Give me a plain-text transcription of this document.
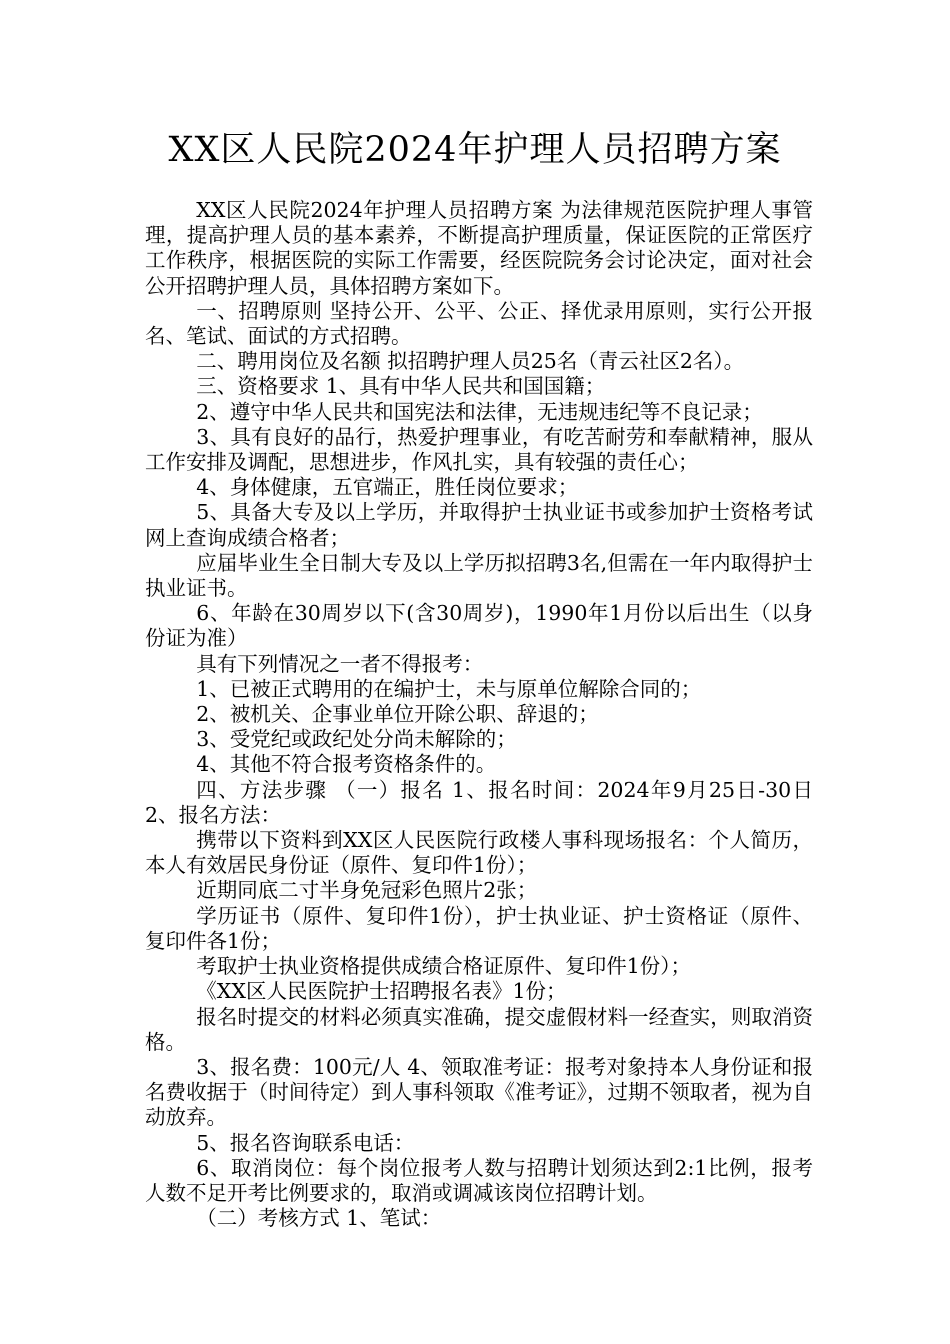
XX区人民院2024年护理人员招聘方案

XX区人民院2024年护理人员招聘方案 为法律规范医院护理人事管理，提高护理人员的基本素养，不断提高护理质量，保证医院的正常医疗工作秩序，根据医院的实际工作需要，经医院院务会讨论决定，面对社会公开招聘护理人员，具体招聘方案如下。

一、招聘原则 坚持公开、公平、公正、择优录用原则，实行公开报名、笔试、面试的方式招聘。

二、聘用岗位及名额 拟招聘护理人员25名（青云社区2名）。

三、资格要求 1、具有中华人民共和国国籍；

2、遵守中华人民共和国宪法和法律，无违规违纪等不良记录；

3、具有良好的品行，热爱护理事业，有吃苦耐劳和奉献精神，服从工作安排及调配，思想进步，作风扎实，具有较强的责任心；

4、身体健康，五官端正，胜任岗位要求；

5、具备大专及以上学历，并取得护士执业证书或参加护士资格考试网上查询成绩合格者；

应届毕业生全日制大专及以上学历拟招聘3名,但需在一年内取得护士执业证书。

6、年龄在30周岁以下(含30周岁)，1990年1月份以后出生（以身份证为准）

具有下列情况之一者不得报考：

1、已被正式聘用的在编护士，未与原单位解除合同的；

2、被机关、企事业单位开除公职、辞退的；

3、受党纪或政纪处分尚未解除的；

4、其他不符合报考资格条件的。

四、方法步骤 （一）报名 1、报名时间：2024年9月25日-30日 2、报名方法：

携带以下资料到XX区人民医院行政楼人事科现场报名：个人简历，本人有效居民身份证（原件、复印件1份）；

近期同底二寸半身免冠彩色照片2张；

学历证书（原件、复印件1份），护士执业证、护士资格证（原件、复印件各1份；

考取护士执业资格提供成绩合格证原件、复印件1份）；

《XX区人民医院护士招聘报名表》1份；

报名时提交的材料必须真实准确，提交虚假材料一经查实，则取消资格。

3、报名费：100元/人 4、领取准考证：报考对象持本人身份证和报名费收据于（时间待定）到人事科领取《准考证》，过期不领取者，视为自动放弃。

5、报名咨询联系电话：

6、取消岗位：每个岗位报考人数与招聘计划须达到2:1比例，报考人数不足开考比例要求的，取消或调减该岗位招聘计划。

（二）考核方式 1、笔试：
